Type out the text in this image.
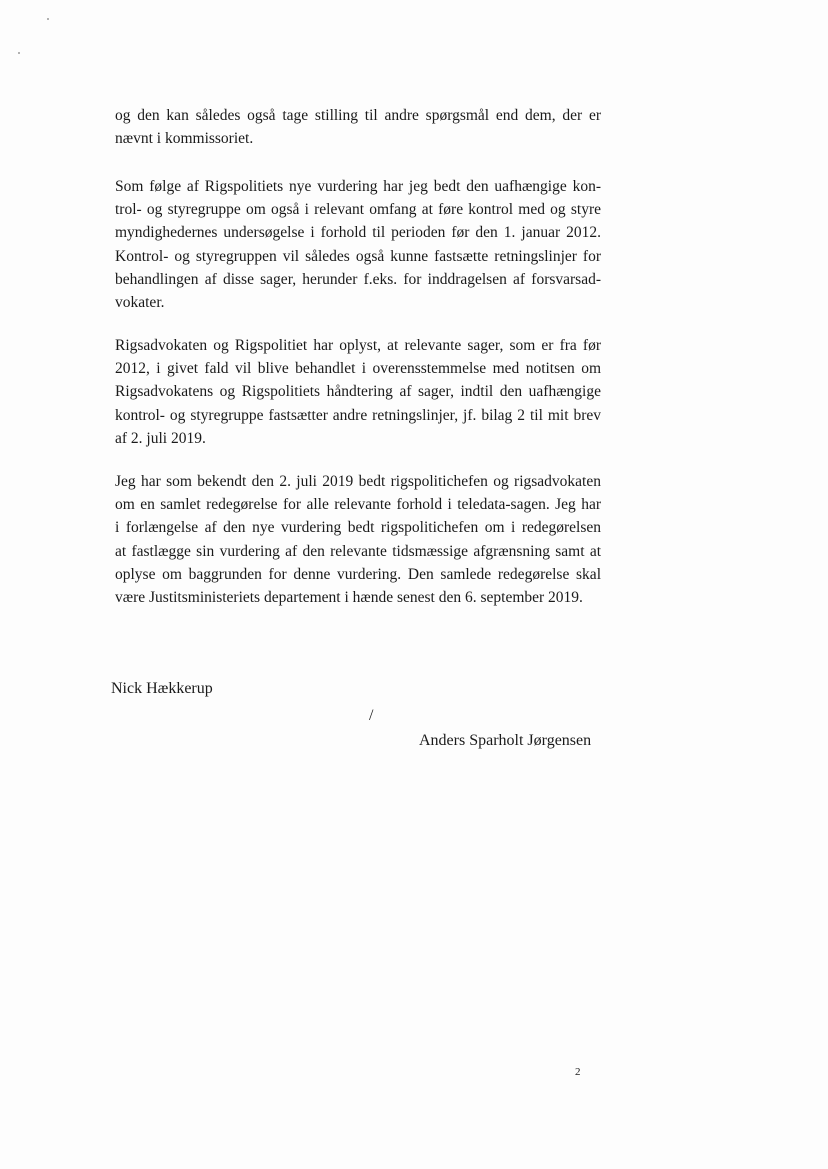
og den kan således også tage stilling til andre spørgsmål end dem, der er
nævnt i kommissoriet.

Som følge af Rigspolitiets nye vurdering har jeg bedt den uafhængige kon-
trol- og styregruppe om også i relevant omfang at føre kontrol med og styre
myndighedernes undersøgelse i forhold til perioden før den 1. januar 2012.
Kontrol- og styregruppen vil således også kunne fastsætte retningslinjer for
behandlingen af disse sager, herunder f.eks. for inddragelsen af forsvarsad-
vokater.

Rigsadvokaten og Rigspolitiet har oplyst, at relevante sager, som er fra før
2012, i givet fald vil blive behandlet i overensstemmelse med notitsen om
Rigsadvokatens og Rigspolitiets håndtering af sager, indtil den uafhængige
kontrol- og styregruppe fastsætter andre retningslinjer, jf. bilag 2 til mit brev
af 2. juli 2019.

Jeg har som bekendt den 2. juli 2019 bedt rigspolitichefen og rigsadvokaten
om en samlet redegørelse for alle relevante forhold i teledata-sagen. Jeg har
i forlængelse af den nye vurdering bedt rigspolitichefen om i redegørelsen
at fastlægge sin vurdering af den relevante tidsmæssige afgrænsning samt at
oplyse om baggrunden for denne vurdering. Den samlede redegørelse skal
være Justitsministeriets departement i hænde senest den 6. september 2019.

Nick Hækkerup
/
Anders Sparholt Jørgensen
2
